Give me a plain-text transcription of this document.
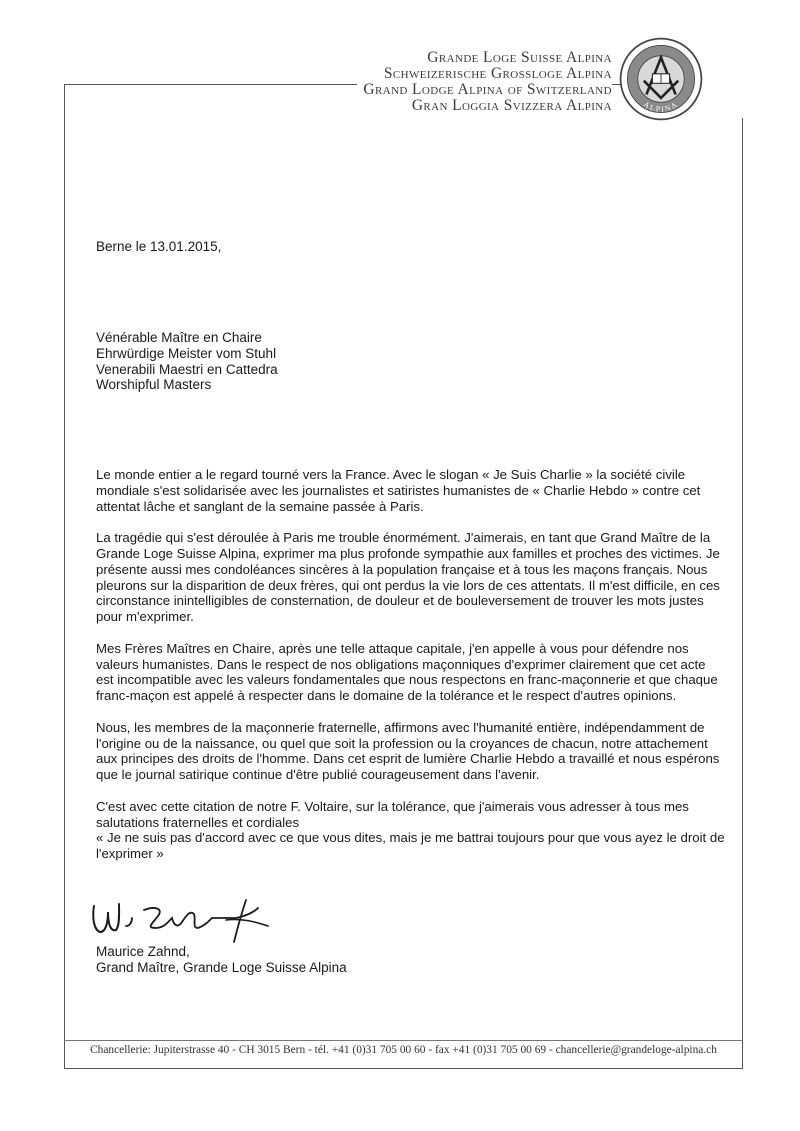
Grande Loge Suisse Alpina
Schweizerische Grossloge Alpina
Grand Lodge Alpina of Switzerland
Gran Loggia Svizzera Alpina	ALPINA
Berne le 13.01.2015,
Vénérable Maître en Chaire
Ehrwürdige Meister vom Stuhl
Venerabili Maestri en Cattedra
Worshipful Masters

Le monde entier a le regard tourné vers la France. Avec le slogan « Je Suis Charlie » la société civile mondiale s'est solidarisée avec les journalistes et satiristes humanistes de « Charlie Hebdo » contre cet attentat lâche et sanglant de la semaine passée à Paris.

La tragédie qui s'est déroulée à Paris me trouble énormément. J'aimerais, en tant que Grand Maître de la Grande Loge Suisse Alpina, exprimer ma plus profonde sympathie aux familles et proches des victimes. Je présente aussi mes condoléances sincères à la population française et à tous les maçons français. Nous pleurons sur la disparition de deux frères, qui ont perdus la vie lors de ces attentats. Il m'est difficile, en ces circonstance inintelligibles de consternation, de douleur et de bouleversement de trouver les mots justes pour m'exprimer.

Mes Frères Maîtres en Chaire, après une telle attaque capitale, j'en appelle à vous pour défendre nos valeurs humanistes. Dans le respect de nos obligations maçonniques d'exprimer clairement que cet acte est incompatible avec les valeurs fondamentales que nous respectons en franc-maçonnerie et que chaque franc-maçon est appelé à respecter dans le domaine de la tolérance et le respect d'autres opinions.

Nous, les membres de la maçonnerie fraternelle, affirmons avec l'humanité entière, indépendamment de l'origine ou de la naissance, ou quel que soit la profession ou la croyances de chacun, notre attachement aux principes des droits de l'homme. Dans cet esprit de lumière Charlie Hebdo a travaillé et nous espérons que le journal satirique continue d'être publié courageusement dans l'avenir.

C'est avec cette citation de notre F. Voltaire, sur la tolérance, que j'aimerais vous adresser à tous mes salutations fraternelles et cordiales
« Je ne suis pas d'accord avec ce que vous dites, mais je me battrai toujours pour que vous ayez le droit de l'exprimer »
Maurice Zahnd,
Grand Maître, Grande Loge Suisse Alpina
Chancellerie: Jupiterstrasse 40 - CH 3015 Bern - tél. +41 (0)31 705 00 60 - fax +41 (0)31 705 00 69 - chancellerie@grandeloge-alpina.ch
